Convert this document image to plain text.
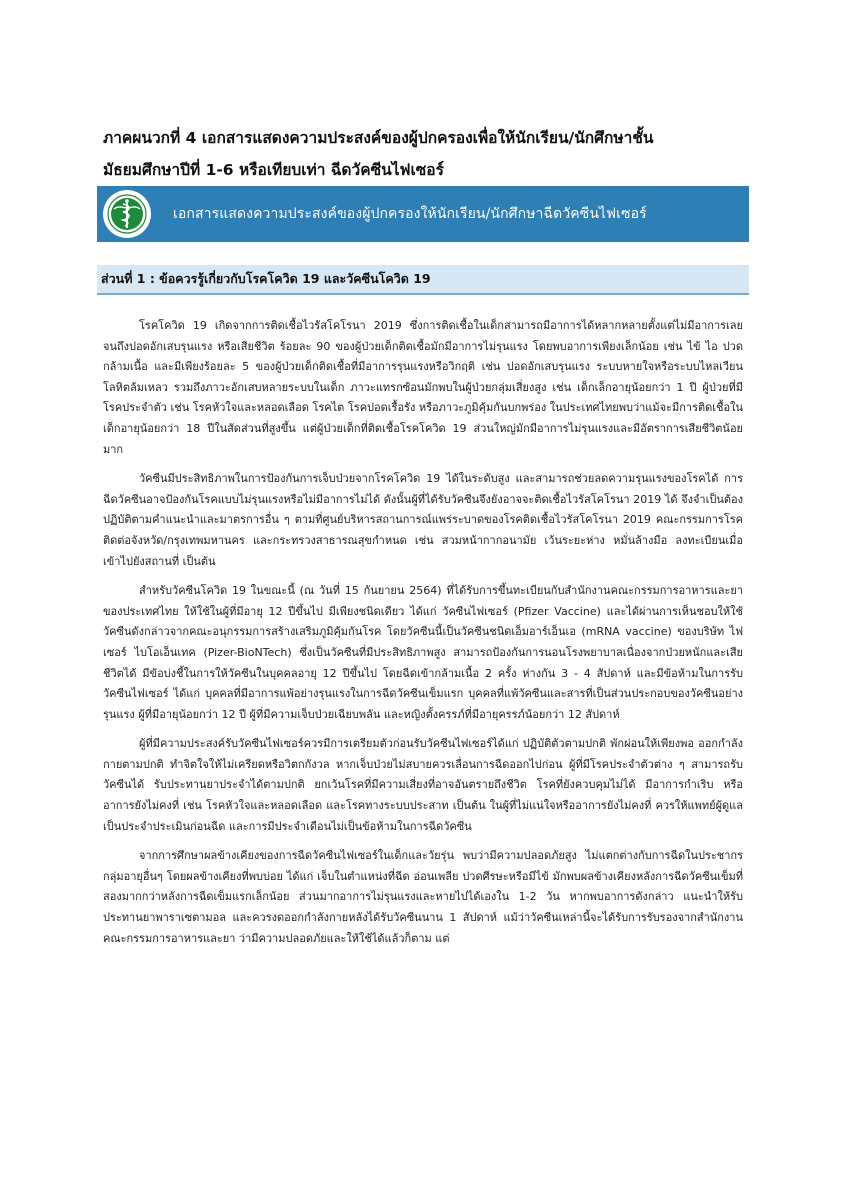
ภาคผนวกที่ 4 เอกสารแสดงความประสงค์ของผู้ปกครองเพื่อให้นักเรียน/นักศึกษาชั้น
มัธยมศึกษาปีที่ 1-6 หรือเทียบเท่า ฉีดวัคซีนไฟเซอร์
เอกสารแสดงความประสงค์ของผู้ปกครองให้นักเรียน/นักศึกษาฉีดวัคซีนไฟเซอร์
ส่วนที่ 1 : ข้อควรรู้เกี่ยวกับโรคโควิด 19 และวัคซีนโควิด 19

โรคโควิด 19 เกิดจากการติดเชื้อไวรัสโคโรนา 2019 ซึ่งการติดเชื้อในเด็กสามารถมีอาการได้หลากหลายตั้งแต่ไม่มีอาการเลย จนถึงปอดอักเสบรุนแรง หรือเสียชีวิต ร้อยละ 90 ของผู้ป่วยเด็กติดเชื้อมักมีอาการไม่รุนแรง โดยพบอาการเพียงเล็กน้อย เช่น ไข้ ไอ ปวดกล้ามเนื้อ และมีเพียงร้อยละ 5 ของผู้ป่วยเด็กติดเชื้อที่มีอาการรุนแรงหรือวิกฤติ เช่น ปอดอักเสบรุนแรง ระบบหายใจหรือระบบไหลเวียนโลหิตล้มเหลว รวมถึงภาวะอักเสบหลายระบบในเด็ก ภาวะแทรกซ้อนมักพบในผู้ป่วยกลุ่มเสี่ยงสูง เช่น เด็กเล็กอายุน้อยกว่า 1 ปี ผู้ป่วยที่มีโรคประจำตัว เช่น โรคหัวใจและหลอดเลือด โรคไต โรคปอดเรื้อรัง หรือภาวะภูมิคุ้มกันบกพร่อง ในประเทศไทยพบว่าแม้จะมีการติดเชื้อในเด็กอายุน้อยกว่า 18 ปีในสัดส่วนที่สูงขึ้น แต่ผู้ป่วยเด็กที่ติดเชื้อโรคโควิด 19 ส่วนใหญ่มักมีอาการไม่รุนแรงและมีอัตราการเสียชีวิตน้อยมาก

วัคซีนมีประสิทธิภาพในการป้องกันการเจ็บป่วยจากโรคโควิด 19 ได้ในระดับสูง และสามารถช่วยลดความรุนแรงของโรคได้ การฉีดวัคซีนอาจป้องกันโรคแบบไม่รุนแรงหรือไม่มีอาการไม่ได้ ดังนั้นผู้ที่ได้รับวัคซีนจึงยังอาจจะติดเชื้อไวรัสโคโรนา 2019 ได้ จึงจำเป็นต้องปฏิบัติตามคำแนะนำและมาตรการอื่น ๆ ตามที่ศูนย์บริหารสถานการณ์แพร่ระบาดของโรคติดเชื้อไวรัสโคโรนา 2019 คณะกรรมการโรคติดต่อจังหวัด/กรุงเทพมหานคร และกระทรวงสาธารณสุขกำหนด เช่น สวมหน้ากากอนามัย เว้นระยะห่าง หมั่นล้างมือ ลงทะเบียนเมื่อเข้าไปยังสถานที่ เป็นต้น

สำหรับวัคซีนโควิด 19 ในขณะนี้ (ณ วันที่ 15 กันยายน 2564) ที่ได้รับการขึ้นทะเบียนกับสำนักงานคณะกรรมการอาหารและยาของประเทศไทย ให้ใช้ในผู้ที่มีอายุ 12 ปีขึ้นไป มีเพียงชนิดเดียว ได้แก่ วัคซีนไฟเซอร์ (Pfizer Vaccine) และได้ผ่านการเห็นชอบให้ใช้วัคซีนดังกล่าวจากคณะอนุกรรมการสร้างเสริมภูมิคุ้มกันโรค โดยวัคซีนนี้เป็นวัคซีนชนิดเอ็มอาร์เอ็นเอ (mRNA vaccine) ของบริษัท ไฟเซอร์ ไบโอเอ็นเทค (Pizer-BioNTech) ซึ่งเป็นวัคซีนที่มีประสิทธิภาพสูง สามารถป้องกันการนอนโรงพยาบาลเนื่องจากป่วยหนักและเสียชีวิตได้ มีข้อบ่งชี้ในการให้วัคซีนในบุคคลอายุ 12 ปีขึ้นไป โดยฉีดเข้ากล้ามเนื้อ 2 ครั้ง ห่างกัน 3 - 4 สัปดาห์ และมีข้อห้ามในการรับวัคซีนไฟเซอร์ ได้แก่ บุคคลที่มีอาการแพ้อย่างรุนแรงในการฉีดวัคซีนเข็มแรก บุคคลที่แพ้วัคซีนและสารที่เป็นส่วนประกอบของวัคซีนอย่างรุนแรง ผู้ที่มีอายุน้อยกว่า 12 ปี ผู้ที่มีความเจ็บป่วยเฉียบพลัน และหญิงตั้งครรภ์ที่มีอายุครรภ์น้อยกว่า 12 สัปดาห์

ผู้ที่มีความประสงค์รับวัคซีนไฟเซอร์ควรมีการเตรียมตัวก่อนรับวัคซีนไฟเซอร์ได้แก่ ปฏิบัติตัวตามปกติ พักผ่อนให้เพียงพอ ออกกำลังกายตามปกติ ทำจิตใจให้ไม่เครียดหรือวิตกกังวล หากเจ็บป่วยไม่สบายควรเลื่อนการฉีดออกไปก่อน ผู้ที่มีโรคประจำตัวต่าง ๆ สามารถรับวัคซีนได้ รับประทานยาประจำได้ตามปกติ ยกเว้นโรคที่มีความเสี่ยงที่อาจอันตรายถึงชีวิต โรคที่ยังควบคุมไม่ได้ มีอาการกำเริบ หรืออาการยังไม่คงที่ เช่น โรคหัวใจและหลอดเลือด และโรคทางระบบประสาท เป็นต้น ในผู้ที่ไม่แน่ใจหรืออาการยังไม่คงที่ ควรให้แพทย์ผู้ดูแลเป็นประจำประเมินก่อนฉีด และการมีประจำเดือนไม่เป็นข้อห้ามในการฉีดวัคซีน

จากการศึกษาผลข้างเคียงของการฉีดวัคซีนไฟเซอร์ในเด็กและวัยรุ่น พบว่ามีความปลอดภัยสูง ไม่แตกต่างกับการฉีดในประชากรกลุ่มอายุอื่นๆ โดยผลข้างเคียงที่พบบ่อย ได้แก่ เจ็บในตำแหน่งที่ฉีด อ่อนเพลีย ปวดศีรษะหรือมีไข้ มักพบผลข้างเคียงหลังการฉีดวัคซีนเข็มที่สองมากกว่าหลังการฉีดเข็มแรกเล็กน้อย ส่วนมากอาการไม่รุนแรงและหายไปได้เองใน 1-2 วัน หากพบอาการดังกล่าว แนะนำให้รับประทานยาพาราเซตามอล และควรงดออกกำลังกายหลังได้รับวัคซีนนาน 1 สัปดาห์ แม้ว่าวัคซีนเหล่านี้จะได้รับการรับรองจากสำนักงานคณะกรรมการอาหารและยา ว่ามีความปลอดภัยและให้ใช้ได้แล้วก็ตาม แต่
